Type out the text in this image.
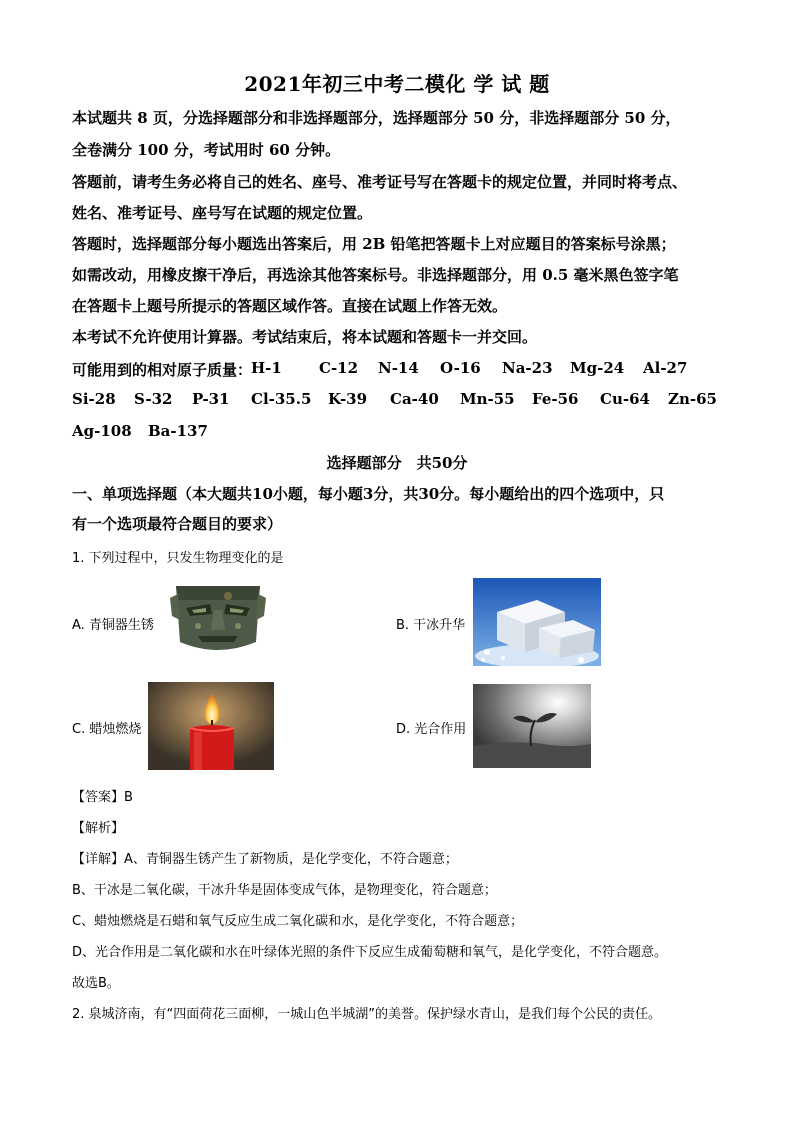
2021年初三中考二模化 学 试 题
本试题共 8 页，分选择题部分和非选择题部分，选择题部分 50 分，非选择题部分 50 分，
全卷满分 100 分，考试用时 60 分钟。
答题前，请考生务必将自己的姓名、座号、准考证号写在答题卡的规定位置，并同时将考点、
姓名、准考证号、座号写在试题的规定位置。
答题时，选择题部分每小题选出答案后，用 2B 铅笔把答题卡上对应题目的答案标号涂黑；
如需改动，用橡皮擦干净后，再选涂其他答案标号。非选择题部分，用 0.5 毫米黑色签字笔
在答题卡上题号所提示的答题区域作答。直接在试题上作答无效。
本考试不允许使用计算器。考试结束后，将本试题和答题卡一并交回。
可能用到的相对原子质量：
H-1 C-12 N-14 O-16 Na-23 Mg-24 Al-27
Si-28 S-32 P-31 Cl-35.5 K-39 Ca-40 Mn-55 Fe-56 Cu-64 Zn-65
Ag-108 Ba-137
选择题部分　共50分
一、单项选择题（本大题共10小题，每小题3分，共30分。每小题给出的四个选项中，只
有一个选项最符合题目的要求）
1. 下列过程中，只发生物理变化的是
A. 青铜器生锈	B. 干冰升华
C. 蜡烛燃烧	D. 光合作用
【答案】B
【解析】
【详解】A、青铜器生锈产生了新物质，是化学变化，不符合题意；
B、干冰是二氧化碳，干冰升华是固体变成气体，是物理变化，符合题意；
C、蜡烛燃烧是石蜡和氧气反应生成二氧化碳和水，是化学变化，不符合题意；
D、光合作用是二氧化碳和水在叶绿体光照的条件下反应生成葡萄糖和氧气，是化学变化，不符合题意。
故选B。
2. 泉城济南，有“四面荷花三面柳，一城山色半城湖”的美誉。保护绿水青山，是我们每个公民的责任。
